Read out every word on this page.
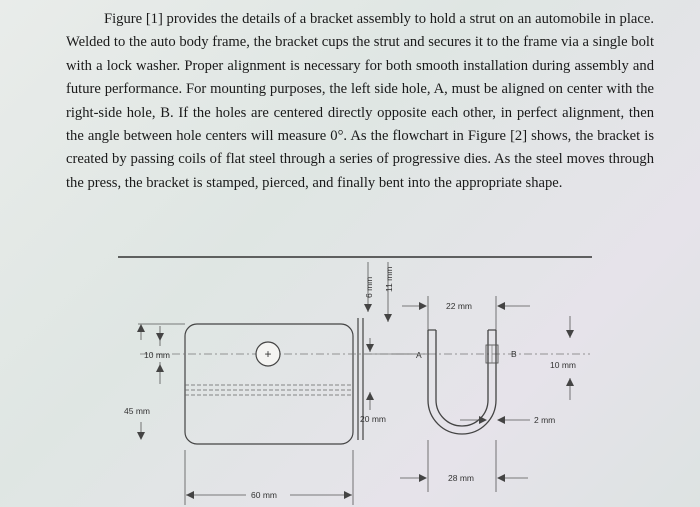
Figure [1] provides the details of a bracket assembly to hold a strut on an automobile in place. Welded to the auto body frame, the bracket cups the strut and secures it to the frame via a single bolt with a lock washer. Proper alignment is necessary for both smooth installation during assembly and future performance. For mounting purposes, the left side hole, A, must be aligned on center with the right-side hole, B. If the holes are centered directly opposite each other, in perfect alignment, then the angle between hole centers will measure 0°. As the flowchart in Figure [2] shows, the bracket is created by passing coils of flat steel through a series of progressive dies. As the steel moves through the press, the bracket is stamped, pierced, and finally bent into the appropriate shape.

+
10 mm
45 mm
60 mm
6 mm 11 mm
20 mm
A	B
22 mm
10 mm
2 mm
28 mm
